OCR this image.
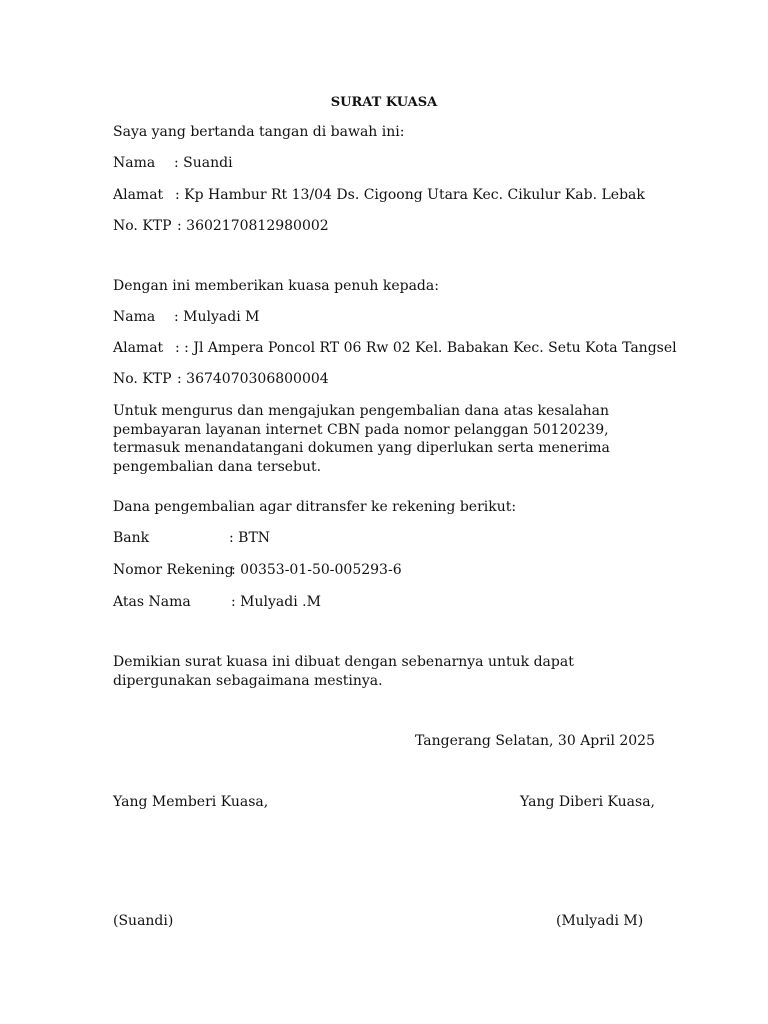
SURAT KUASA
Saya yang bertanda tangan di bawah ini:
Nama : Suandi
Alamat : Kp Hambur Rt 13/04 Ds. Cigoong Utara Kec. Cikulur Kab. Lebak
No. KTP : 3602170812980002
Dengan ini memberikan kuasa penuh kepada:
Nama : Mulyadi M
Alamat : : Jl Ampera Poncol RT 06 Rw 02 Kel. Babakan Kec. Setu Kota Tangsel
No. KTP : 3674070306800004
Untuk mengurus dan mengajukan pengembalian dana atas kesalahan pembayaran layanan internet CBN pada nomor pelanggan 50120239, termasuk menandatangani dokumen yang diperlukan serta menerima pengembalian dana tersebut.
Dana pengembalian agar ditransfer ke rekening berikut:
Bank	: BTN
Nomor Rekening
: 00353-01-50-005293-6
Atas Nama	: Mulyadi .M
Demikian surat kuasa ini dibuat dengan sebenarnya untuk dapat dipergunakan sebagaimana mestinya.
Tangerang Selatan, 30 April 2025
Yang Memberi Kuasa,	Yang Diberi Kuasa,
(Suandi)	(Mulyadi M)
